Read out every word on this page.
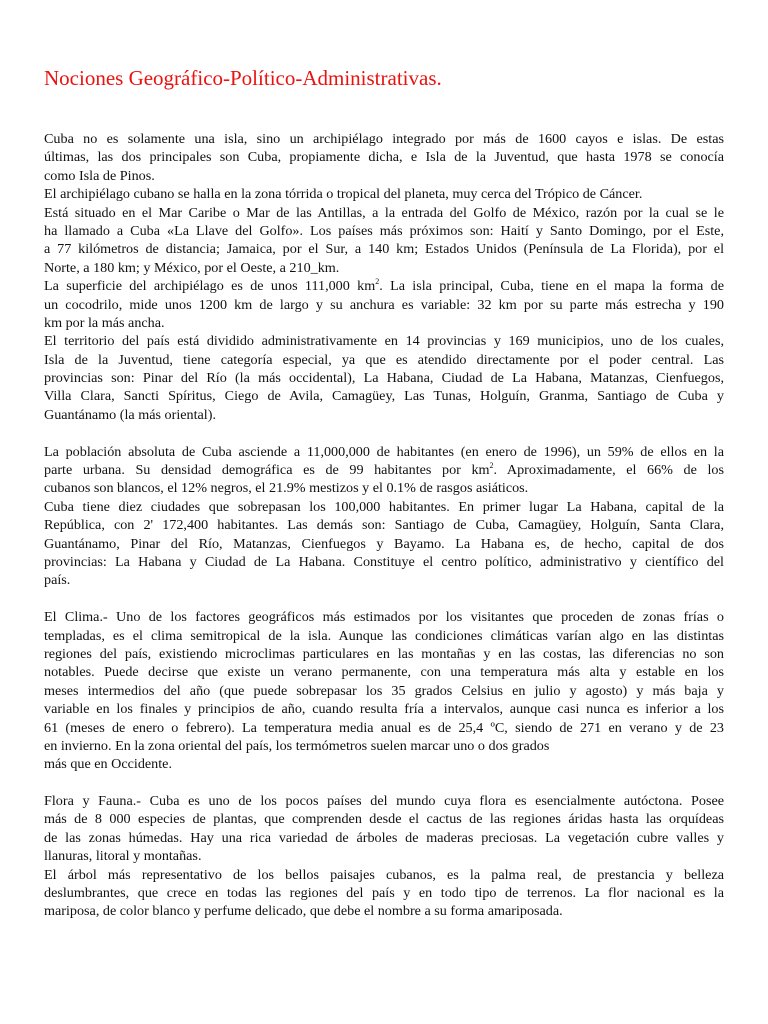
Nociones Geográfico-Político-Administrativas.
Cuba no es solamente una isla, sino un archipiélago integrado por más de 1600 cayos e islas. De estas
últimas, las dos principales son Cuba, propiamente dicha, e Isla de la Juventud, que hasta 1978 se conocía
como Isla de Pinos.
El archipiélago cubano se halla en la zona tórrida o tropical del planeta, muy cerca del Trópico de Cáncer.
Está situado en el Mar Caribe o Mar de las Antillas, a la entrada del Golfo de México, razón por la cual se le
ha llamado a Cuba «La Llave del Golfo». Los países más próximos son: Haití y Santo Domingo, por el Este,
a 77 kilómetros de distancia; Jamaica, por el Sur, a 140 km; Estados Unidos (Península de La Florida), por el
Norte, a 180 km; y México, por el Oeste, a 210_km.
La superficie del archipiélago es de unos 111,000 $km^2$. La isla principal, Cuba, tiene en el mapa la forma de
un cocodrilo, mide unos 1200 km de largo y su anchura es variable: 32 km por su parte más estrecha y 190
km por la más ancha.
El territorio del país está dividido administrativamente en 14 provincias y 169 municipios, uno de los cuales,
Isla de la Juventud, tiene categoría especial, ya que es atendido directamente por el poder central. Las
provincias son: Pinar del Río (la más occidental), La Habana, Ciudad de La Habana, Matanzas, Cienfuegos,
Villa Clara, Sancti Spíritus, Ciego de Avila, Camagüey, Las Tunas, Holguín, Granma, Santiago de Cuba y
Guantánamo (la más oriental).
La población absoluta de Cuba asciende a 11,000,000 de habitantes (en enero de 1996), un 59% de ellos en la
parte urbana. Su densidad demográfica es de 99 habitantes por $km^2$. Aproximadamente, el 66% de los
cubanos son blancos, el 12% negros, el 21.9% mestizos y el 0.1% de rasgos asiáticos.
Cuba tiene diez ciudades que sobrepasan los 100,000 habitantes. En primer lugar La Habana, capital de la
República, con 2' 172,400 habitantes. Las demás son: Santiago de Cuba, Camagüey, Holguín, Santa Clara,
Guantánamo, Pinar del Río, Matanzas, Cienfuegos y Bayamo. La Habana es, de hecho, capital de dos
provincias: La Habana y Ciudad de La Habana. Constituye el centro político, administrativo y científico del
país.
El Clima.- Uno de los factores geográficos más estimados por los visitantes que proceden de zonas frías o
templadas, es el clima semitropical de la isla. Aunque las condiciones climáticas varían algo en las distintas
regiones del país, existiendo microclimas particulares en las montañas y en las costas, las diferencias no son
notables. Puede decirse que existe un verano permanente, con una temperatura más alta y estable en los
meses intermedios del año (que puede sobrepasar los 35 grados Celsius en julio y agosto) y más baja y
variable en los finales y principios de año, cuando resulta fría a intervalos, aunque casi nunca es inferior a los
61 (meses de enero o febrero). La temperatura media anual es de 25,4 ºC, siendo de 271 en verano y de 23
en invierno. En la zona oriental del país, los termómetros suelen marcar uno o dos grados
más que en Occidente.
Flora y Fauna.- Cuba es uno de los pocos países del mundo cuya flora es esencialmente autóctona. Posee
más de 8 000 especies de plantas, que comprenden desde el cactus de las regiones áridas hasta las orquídeas
de las zonas húmedas. Hay una rica variedad de árboles de maderas preciosas. La vegetación cubre valles y
llanuras, litoral y montañas.
El árbol más representativo de los bellos paisajes cubanos, es la palma real, de prestancia y belleza
deslumbrantes, que crece en todas las regiones del país y en todo tipo de terrenos. La flor nacional es la
mariposa, de color blanco y perfume delicado, que debe el nombre a su forma amariposada.
